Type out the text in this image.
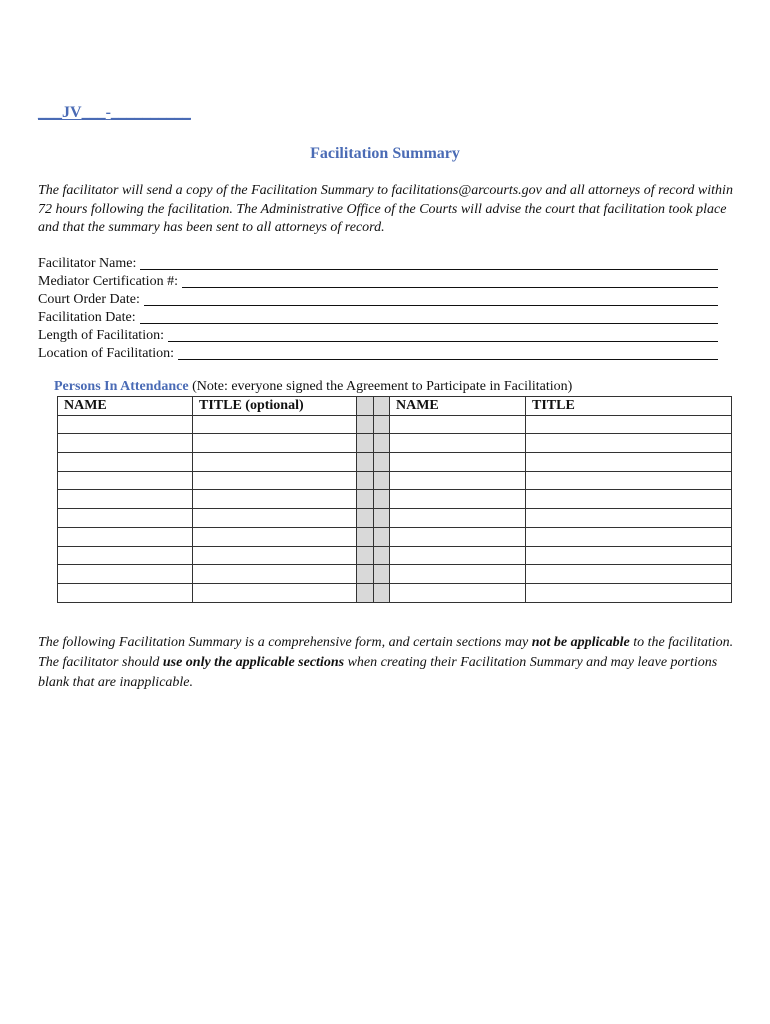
___JV___-__________
Facilitation Summary
The facilitator will send a copy of the Facilitation Summary to facilitations@arcourts.gov and all attorneys of record within 72 hours following the facilitation. The Administrative Office of the Courts will advise the court that facilitation took place and that the summary has been sent to all attorneys of record.
Facilitator Name:
Mediator Certification #:
Court Order Date:
Facilitation Date:
Length of Facilitation:
Location of Facilitation:
Persons In Attendance (Note: everyone signed the Agreement to Participate in Facilitation)
NAME	TITLE (optional)			NAME	TITLE

The following Facilitation Summary is a comprehensive form, and certain sections may not be applicable to the facilitation. The facilitator should use only the applicable sections when creating their Facilitation Summary and may leave portions blank that are inapplicable.
